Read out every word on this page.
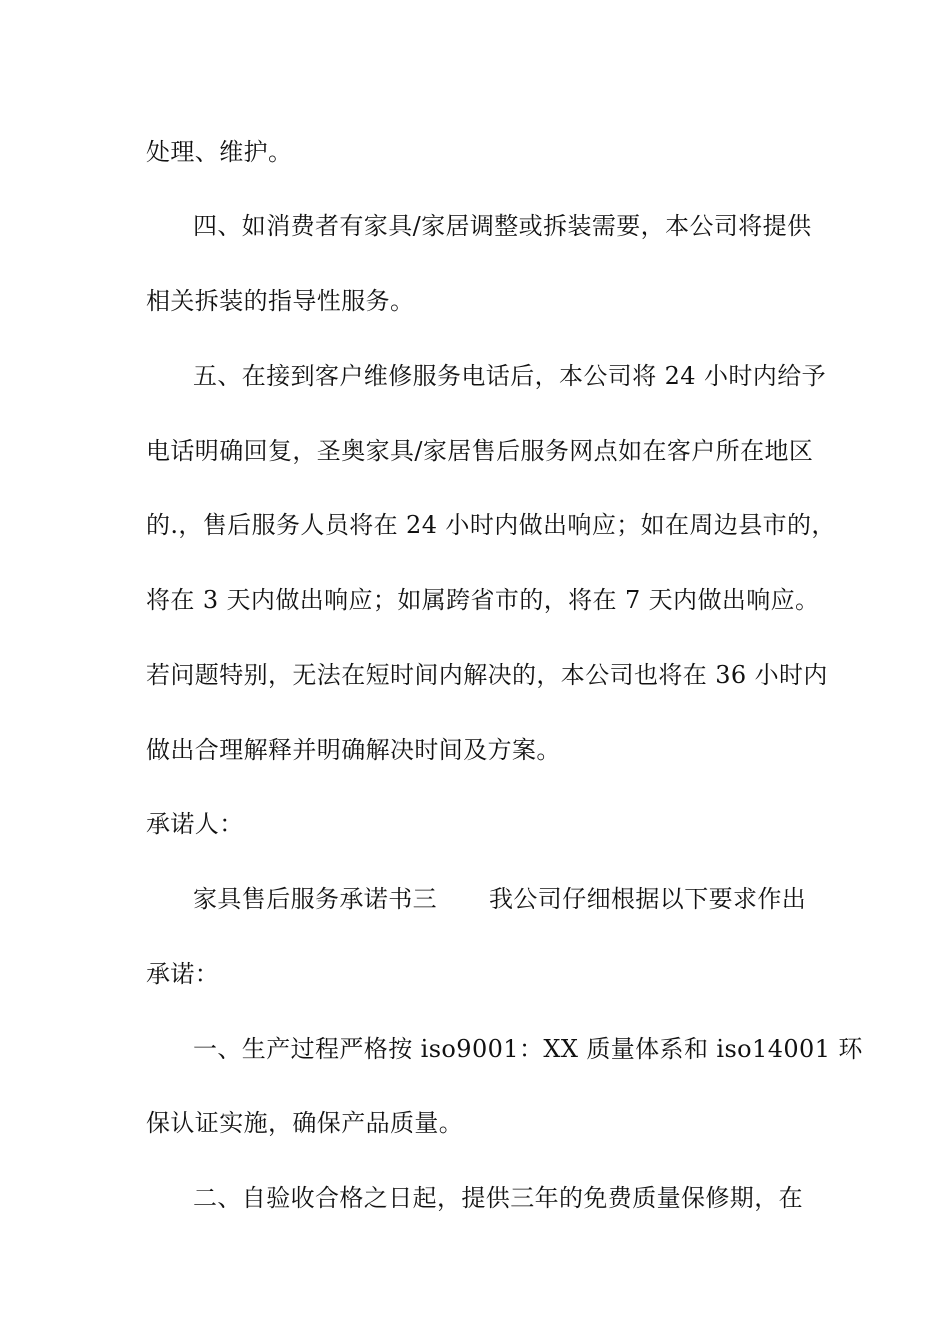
处理、维护。
四、如消费者有家具/家居调整或拆装需要，本公司将提供
相关拆装的指导性服务。
五、在接到客户维修服务电话后，本公司将 24 小时内给予
电话明确回复，圣奥家具/家居售后服务网点如在客户所在地区
的.，售后服务人员将在 24 小时内做出响应；如在周边县市的，
将在 3 天内做出响应；如属跨省市的，将在 7 天内做出响应。
若问题特别，无法在短时间内解决的，本公司也将在 36 小时内
做出合理解释并明确解决时间及方案。
承诺人：
家具售后服务承诺书三 我公司仔细根据以下要求作出
承诺：
一、生产过程严格按 iso9001：XX 质量体系和 iso14001 环
保认证实施，确保产品质量。
二、自验收合格之日起，提供三年的免费质量保修期，在
